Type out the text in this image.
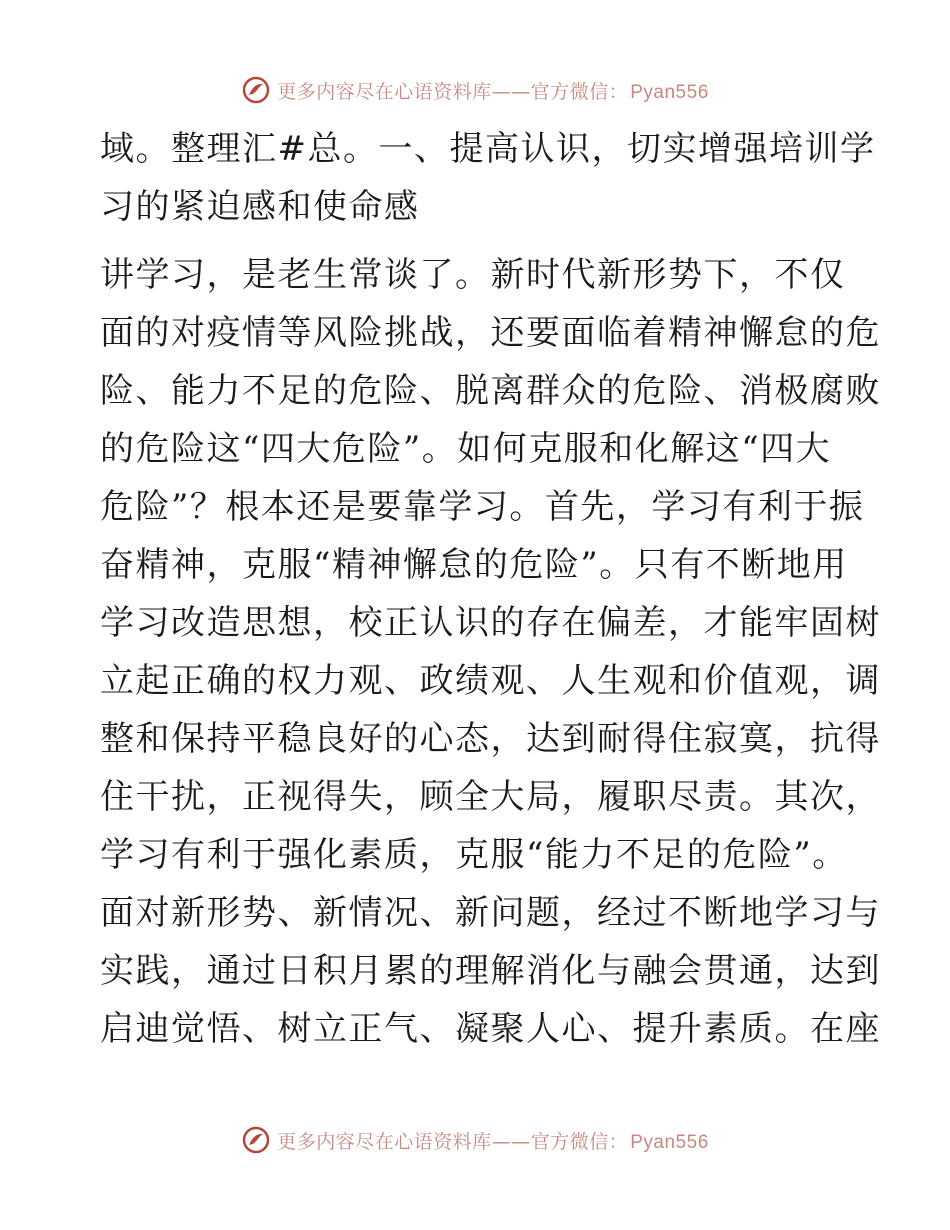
更多内容尽在心语资料库——官方微信： Pyan556
域。整理汇#总。一、提高认识，切实增强培训学
习的紧迫感和使命感
讲学习，是老生常谈了。新时代新形势下，不仅
面的对疫情等风险挑战，还要面临着精神懈怠的危
险、能力不足的危险、脱离群众的危险、消极腐败
的危险这“四大危险”。如何克服和化解这“四大
危险”？根本还是要靠学习。首先，学习有利于振
奋精神，克服“精神懈怠的危险”。只有不断地用
学习改造思想，校正认识的存在偏差，才能牢固树
立起正确的权力观、政绩观、人生观和价值观，调
整和保持平稳良好的心态，达到耐得住寂寞，抗得
住干扰，正视得失，顾全大局，履职尽责。其次，
学习有利于强化素质，克服“能力不足的危险”。
面对新形势、新情况、新问题，经过不断地学习与
实践，通过日积月累的理解消化与融会贯通，达到
启迪觉悟、树立正气、凝聚人心、提升素质。在座
更多内容尽在心语资料库——官方微信： Pyan556
